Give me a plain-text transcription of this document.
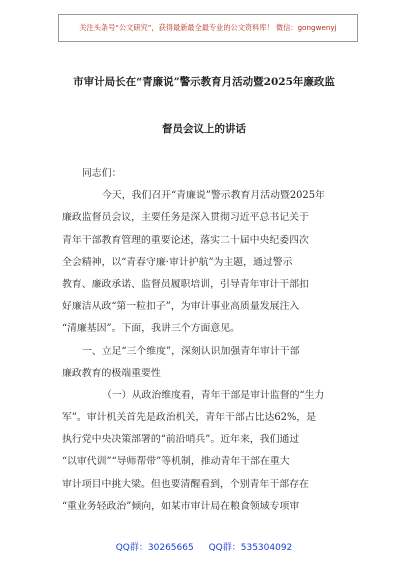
关注头条号“公文研究”，获得最新最全最专业的公文资料库！ 微信：gongwenyj
市审计局长在“青廉说”警示教育月活动暨2025年廉政监
督员会议上的讲话
同志们：
今天，我们召开“青廉说”警示教育月活动暨2025年
廉政监督员会议，主要任务是深入贯彻习近平总书记关于
青年干部教育管理的重要论述，落实二十届中央纪委四次
全会精神，以“青春守廉·审计护航”为主题，通过警示
教育、廉政承诺、监督员履职培训，引导青年审计干部扣
好廉洁从政“第一粒扣子”，为审计事业高质量发展注入
“清廉基因”。下面，我讲三个方面意见。
一、立足“三个维度”，深刻认识加强青年审计干部
廉政教育的极端重要性
（一）从政治维度看，青年干部是审计监督的“生力
军”。审计机关首先是政治机关，青年干部占比达62%，是
执行党中央决策部署的“前沿哨兵”。近年来，我们通过
“以审代训”“导师帮带”等机制，推动青年干部在重大
审计项目中挑大梁。但也要清醒看到，个别青年干部存在
“重业务轻政治”倾向，如某市审计局在粮食领域专项审
QQ群：30265665 QQ群：535304092
